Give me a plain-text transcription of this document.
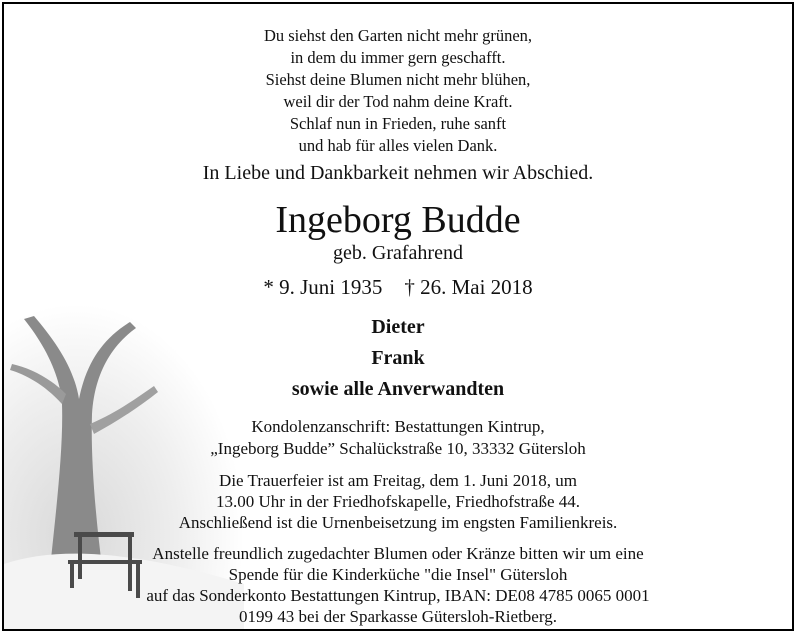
Du siehst den Garten nicht mehr grünen,
in dem du immer gern geschafft.
Siehst deine Blumen nicht mehr blühen,
weil dir der Tod nahm deine Kraft.
Schlaf nun in Frieden, ruhe sanft
und hab für alles vielen Dank.
In Liebe und Dankbarkeit nehmen wir Abschied.
Ingeborg Budde
geb. Grafahrend
* 9. Juni 1935 † 26. Mai 2018
Dieter
Frank
sowie alle Anverwandten
Kondolenzanschrift: Bestattungen Kintrup,
„Ingeborg Budde” Schalückstraße 10, 33332 Gütersloh
Die Trauerfeier ist am Freitag, dem 1. Juni 2018, um
13.00 Uhr in der Friedhofskapelle, Friedhofstraße 44.
Anschließend ist die Urnenbeisetzung im engsten Familienkreis.
Anstelle freundlich zugedachter Blumen oder Kränze bitten wir um eine
Spende für die Kinderküche "die Insel" Gütersloh
auf das Sonderkonto Bestattungen Kintrup, IBAN: DE08 4785 0065 0001
0199 43 bei der Sparkasse Gütersloh-Rietberg.
